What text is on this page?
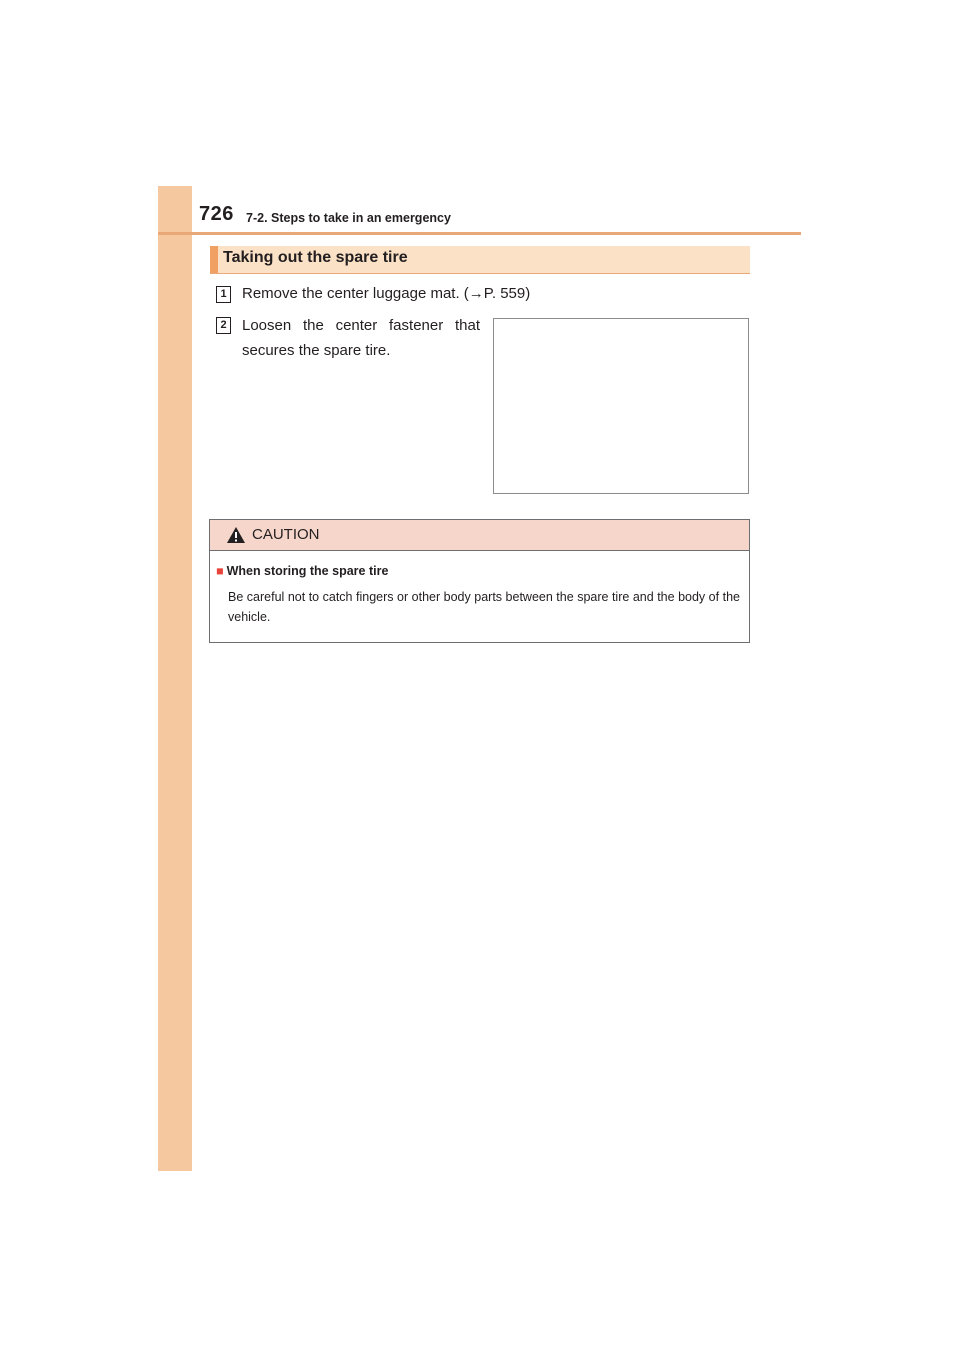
726 7-2. Steps to take in an emergency
Taking out the spare tire
1 Remove the center luggage mat. (→P. 559)
2 Loosen the center fastener that secures the spare tire.
CAUTION
■ When storing the spare tire
Be careful not to catch fingers or other body parts between the spare tire and the body of the vehicle.
